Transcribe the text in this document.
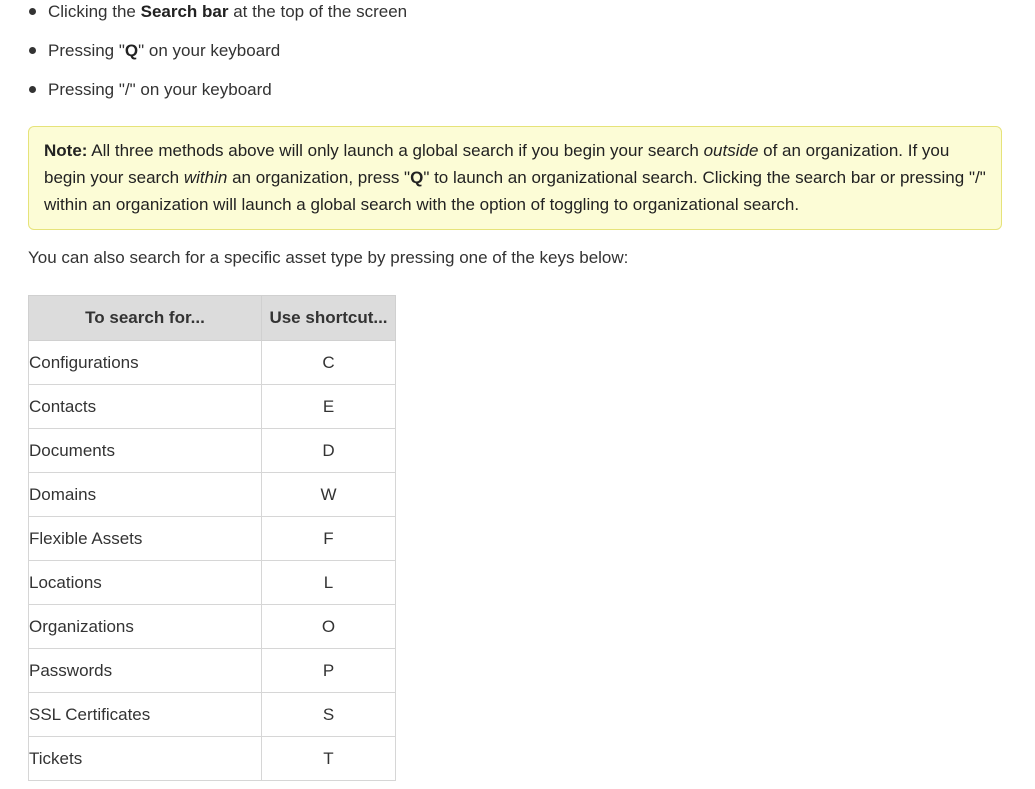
Clicking the Search bar at the top of the screen
Pressing "Q" on your keyboard
Pressing "/" on your keyboard

Note: All three methods above will only launch a global search if you begin your search outside of an organization. If you begin your search within an organization, press "Q" to launch an organizational search. Clicking the search bar or pressing "/" within an organization will launch a global search with the option of toggling to organizational search.

You can also search for a specific asset type by pressing one of the keys below:

To search for...	Use shortcut...
Configurations	C
Contacts	E
Documents	D
Domains	W
Flexible Assets	F
Locations	L
Organizations	O
Passwords	P
SSL Certificates	S
Tickets	T
